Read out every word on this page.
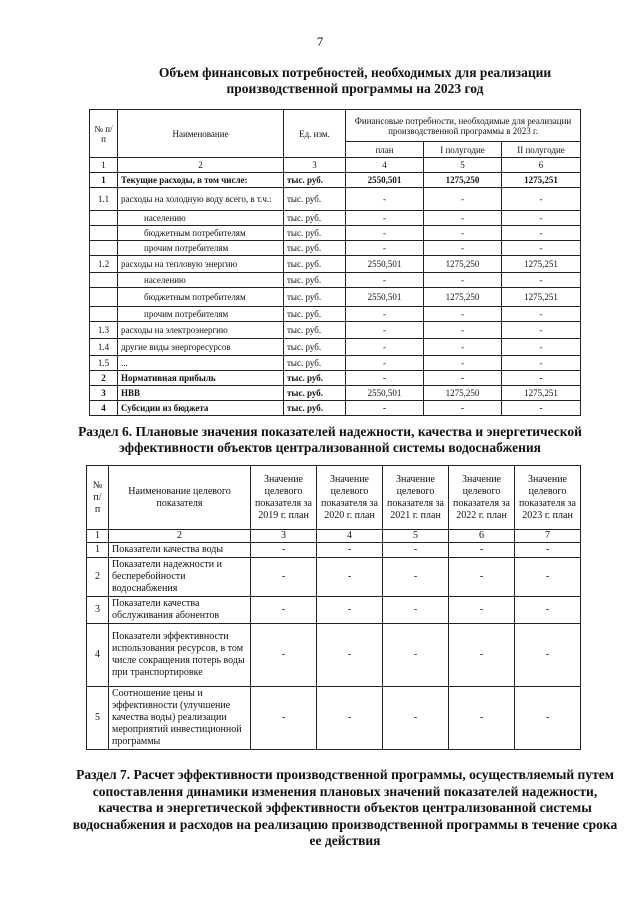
7
Объем финансовых потребностей, необходимых для реализации производственной программы на 2023 год
№ п/п	Наименование	Ед. изм.	Финансовые потребности, необходимые для реализации производственной программы в 2023 г.		
			план	I полугодие	II полугодие
1	2	3	4	5	6
1	Текущие расходы, в том числе:	тыс. руб.	2550,501	1275,250	1275,251
1.1	расходы на холодную воду всего, в т.ч.:	тыс. руб.	-	-	-
	населению	тыс. руб.	-	-	-
	бюджетным потребителям	тыс. руб.	-	-	-
	прочим потребителям	тыс. руб.	-	-	-
1.2	расходы на тепловую энергию	тыс. руб.	2550,501	1275,250	1275,251
	населению	тыс. руб.	-	-	-
	бюджетным потребителям	тыс. руб.	2550,501	1275,250	1275,251
	прочим потребителям	тыс. руб.	-	-	-
1.3	расходы на электроэнергию	тыс. руб.	-	-	-
1.4	другие виды энергоресурсов	тыс. руб.	-	-	-
1.5	...	тыс. руб.	-	-	-
2	Нормативная прибыль	тыс. руб.	-	-	-
3	НВВ	тыс. руб.	2550,501	1275,250	1275,251
4	Субсидии из бюджета	тыс. руб.	-	-	-
Раздел 6. Плановые значения показателей надежности, качества и энергетической эффективности объектов централизованной системы водоснабжения
№ п/ п	Наименование целевого показателя	Значение целевого показателя за 2019 г. план	Значение целевого показателя за 2020 г. план	Значение целевого показателя за 2021 г. план	Значение целевого показателя за 2022 г. план	Значение целевого показателя за 2023 г. план
1	2	3	4	5	6	7
1	Показатели качества воды	-	-	-	-	-
2	Показатели надежности и бесперебойности водоснабжения	-	-	-	-	-
3	Показатели качества обслуживания абонентов	-	-	-	-	-
4	Показатели эффективности использования ресурсов, в том числе сокращения потерь воды при транспортировке	-	-	-	-	-
5	Соотношение цены и эффективности (улучшение качества воды) реализации мероприятий инвестиционной программы	-	-	-	-	-
Раздел 7. Расчет эффективности производственной программы, осуществляемый путем сопоставления динамики изменения плановых значений показателей надежности, качества и энергетической эффективности объектов централизованной системы водоснабжения и расходов на реализацию производственной программы в течение срока ее действия
